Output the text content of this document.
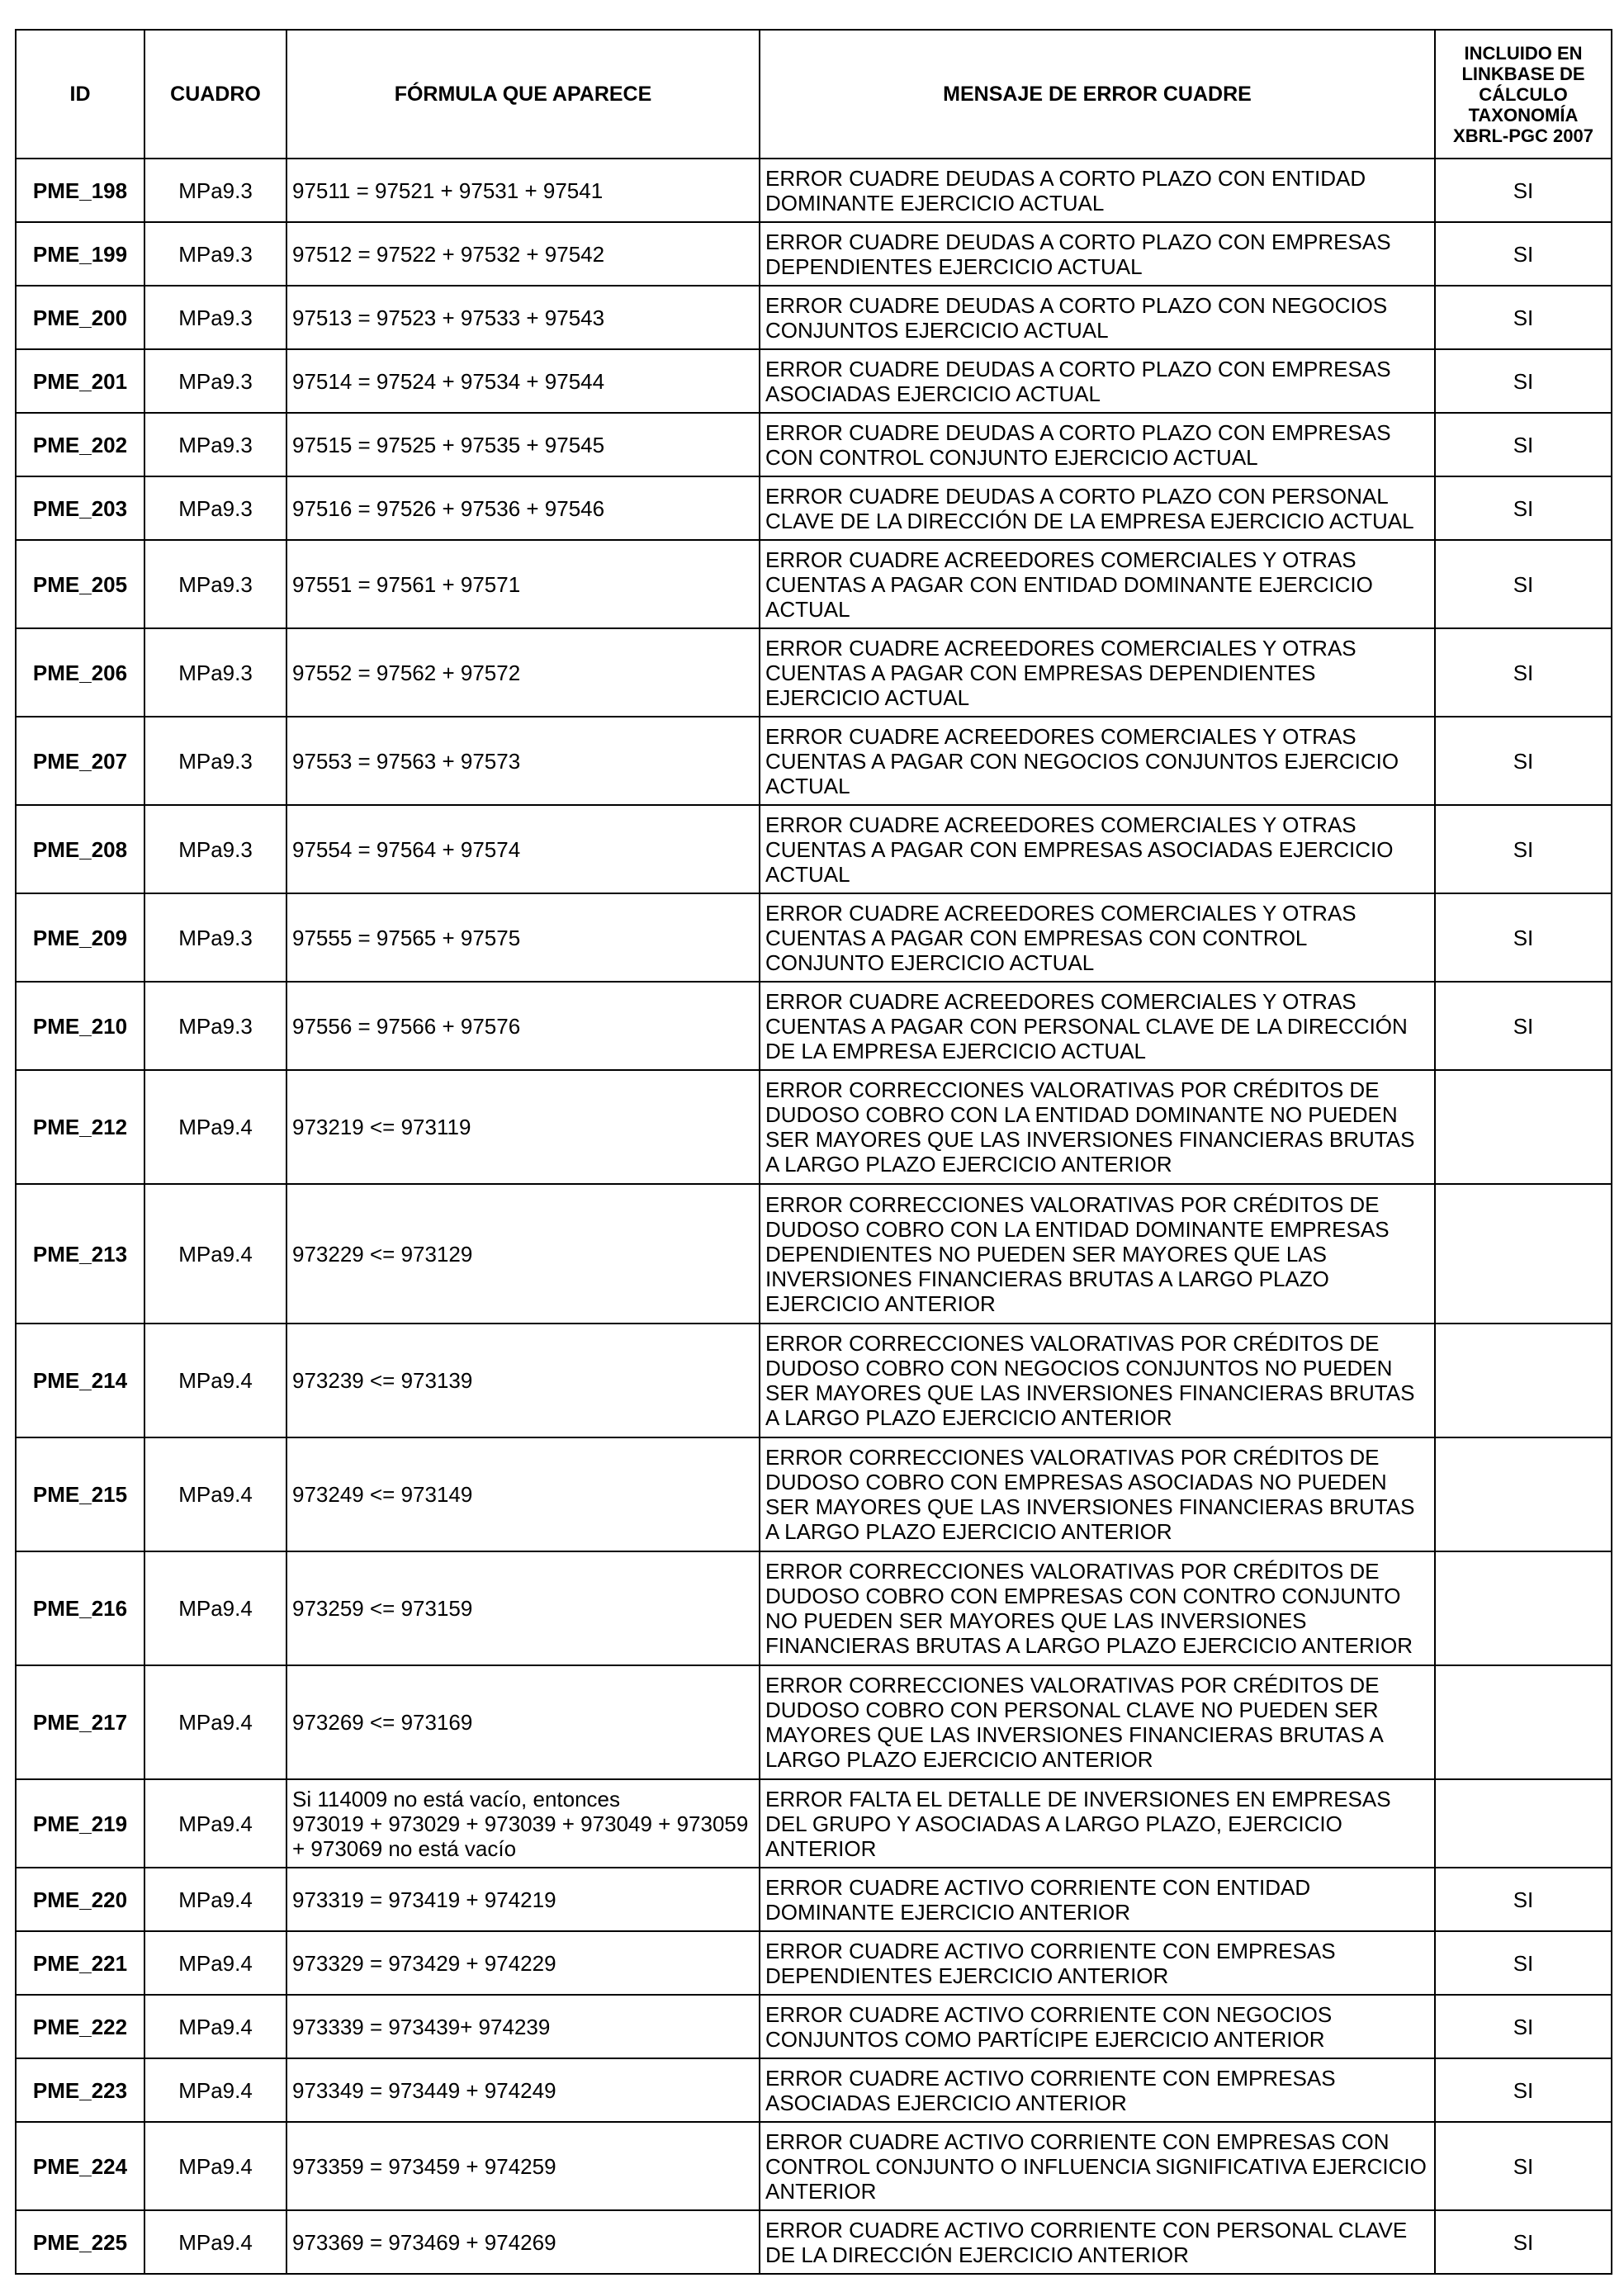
ID	CUADRO	FÓRMULA QUE APARECE	MENSAJE DE ERROR CUADRE	INCLUIDO EN LINKBASE DE CÁLCULO TAXONOMÍA XBRL-PGC 2007
PME_198	MPa9.3	97511 = 97521 + 97531 + 97541	ERROR CUADRE DEUDAS A CORTO PLAZO CON ENTIDAD DOMINANTE EJERCICIO ACTUAL	SI
PME_199	MPa9.3	97512 = 97522 + 97532 + 97542	ERROR CUADRE DEUDAS A CORTO PLAZO CON EMPRESAS DEPENDIENTES EJERCICIO ACTUAL	SI
PME_200	MPa9.3	97513 = 97523 + 97533 + 97543	ERROR CUADRE DEUDAS A CORTO PLAZO CON NEGOCIOS CONJUNTOS EJERCICIO ACTUAL	SI
PME_201	MPa9.3	97514 = 97524 + 97534 + 97544	ERROR CUADRE DEUDAS A CORTO PLAZO CON EMPRESAS ASOCIADAS EJERCICIO ACTUAL	SI
PME_202	MPa9.3	97515 = 97525 + 97535 + 97545	ERROR CUADRE DEUDAS A CORTO PLAZO CON EMPRESAS CON CONTROL CONJUNTO EJERCICIO ACTUAL	SI
PME_203	MPa9.3	97516 = 97526 + 97536 + 97546	ERROR CUADRE DEUDAS A CORTO PLAZO CON PERSONAL CLAVE DE LA DIRECCIÓN DE LA EMPRESA EJERCICIO ACTUAL	SI
PME_205	MPa9.3	97551 = 97561 + 97571	ERROR CUADRE ACREEDORES COMERCIALES Y OTRAS CUENTAS A PAGAR CON ENTIDAD DOMINANTE EJERCICIO ACTUAL	SI
PME_206	MPa9.3	97552 = 97562 + 97572	ERROR CUADRE ACREEDORES COMERCIALES Y OTRAS CUENTAS A PAGAR CON EMPRESAS DEPENDIENTES EJERCICIO ACTUAL	SI
PME_207	MPa9.3	97553 = 97563 + 97573	ERROR CUADRE ACREEDORES COMERCIALES Y OTRAS CUENTAS A PAGAR CON NEGOCIOS CONJUNTOS EJERCICIO ACTUAL	SI
PME_208	MPa9.3	97554 = 97564 + 97574	ERROR CUADRE ACREEDORES COMERCIALES Y OTRAS CUENTAS A PAGAR CON EMPRESAS ASOCIADAS EJERCICIO ACTUAL	SI
PME_209	MPa9.3	97555 = 97565 + 97575	ERROR CUADRE ACREEDORES COMERCIALES Y OTRAS CUENTAS A PAGAR CON EMPRESAS CON CONTROL CONJUNTO EJERCICIO ACTUAL	SI
PME_210	MPa9.3	97556 = 97566 + 97576	ERROR CUADRE ACREEDORES COMERCIALES Y OTRAS CUENTAS A PAGAR CON PERSONAL CLAVE DE LA DIRECCIÓN DE LA EMPRESA EJERCICIO ACTUAL	SI
PME_212	MPa9.4	973219 <= 973119	ERROR CORRECCIONES VALORATIVAS POR CRÉDITOS DE DUDOSO COBRO CON LA ENTIDAD DOMINANTE NO PUEDEN SER MAYORES QUE LAS INVERSIONES FINANCIERAS BRUTAS A LARGO PLAZO EJERCICIO ANTERIOR	
PME_213	MPa9.4	973229 <= 973129	ERROR CORRECCIONES VALORATIVAS POR CRÉDITOS DE DUDOSO COBRO CON LA ENTIDAD DOMINANTE EMPRESAS DEPENDIENTES NO PUEDEN SER MAYORES QUE LAS INVERSIONES FINANCIERAS BRUTAS A LARGO PLAZO EJERCICIO ANTERIOR	
PME_214	MPa9.4	973239 <= 973139	ERROR CORRECCIONES VALORATIVAS POR CRÉDITOS DE DUDOSO COBRO CON NEGOCIOS CONJUNTOS NO PUEDEN SER MAYORES QUE LAS INVERSIONES FINANCIERAS BRUTAS A LARGO PLAZO EJERCICIO ANTERIOR	
PME_215	MPa9.4	973249 <= 973149	ERROR CORRECCIONES VALORATIVAS POR CRÉDITOS DE DUDOSO COBRO CON EMPRESAS ASOCIADAS NO PUEDEN SER MAYORES QUE LAS INVERSIONES FINANCIERAS BRUTAS A LARGO PLAZO EJERCICIO ANTERIOR	
PME_216	MPa9.4	973259 <= 973159	ERROR CORRECCIONES VALORATIVAS POR CRÉDITOS DE DUDOSO COBRO CON EMPRESAS CON CONTRO CONJUNTO NO PUEDEN SER MAYORES QUE LAS INVERSIONES FINANCIERAS BRUTAS A LARGO PLAZO EJERCICIO ANTERIOR	
PME_217	MPa9.4	973269 <= 973169	ERROR CORRECCIONES VALORATIVAS POR CRÉDITOS DE DUDOSO COBRO CON PERSONAL CLAVE NO PUEDEN SER MAYORES QUE LAS INVERSIONES FINANCIERAS BRUTAS A LARGO PLAZO EJERCICIO ANTERIOR	
PME_219	MPa9.4	Si 114009 no está vacío, entonces
973019 + 973029 + 973039 + 973049 + 973059 + 973069 no está vacío	ERROR FALTA EL DETALLE DE INVERSIONES EN EMPRESAS DEL GRUPO Y ASOCIADAS A LARGO PLAZO, EJERCICIO ANTERIOR	
PME_220	MPa9.4	973319 = 973419 + 974219	ERROR CUADRE ACTIVO CORRIENTE CON ENTIDAD DOMINANTE EJERCICIO ANTERIOR	SI
PME_221	MPa9.4	973329 = 973429 + 974229	ERROR CUADRE ACTIVO CORRIENTE CON EMPRESAS DEPENDIENTES EJERCICIO ANTERIOR	SI
PME_222	MPa9.4	973339 = 973439+ 974239	ERROR CUADRE ACTIVO CORRIENTE CON NEGOCIOS CONJUNTOS COMO PARTÍCIPE EJERCICIO ANTERIOR	SI
PME_223	MPa9.4	973349 = 973449 + 974249	ERROR CUADRE ACTIVO CORRIENTE CON EMPRESAS ASOCIADAS EJERCICIO ANTERIOR	SI
PME_224	MPa9.4	973359 = 973459 + 974259	ERROR CUADRE ACTIVO CORRIENTE CON EMPRESAS CON CONTROL CONJUNTO O INFLUENCIA SIGNIFICATIVA EJERCICIO ANTERIOR	SI
PME_225	MPa9.4	973369 = 973469 + 974269	ERROR CUADRE ACTIVO CORRIENTE CON PERSONAL CLAVE DE LA DIRECCIÓN EJERCICIO ANTERIOR	SI
